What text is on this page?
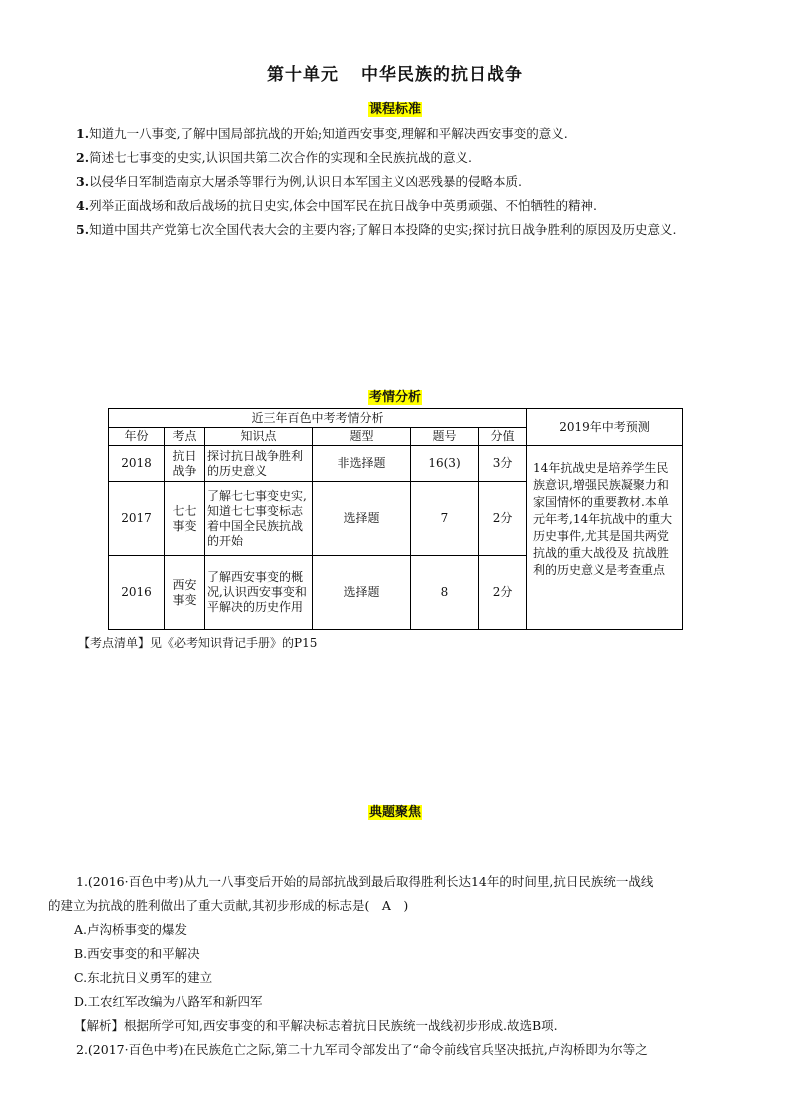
第十单元 中华民族的抗日战争
课程标准
1.知道九一八事变,了解中国局部抗战的开始;知道西安事变,理解和平解决西安事变的意义.
2.简述七七事变的史实,认识国共第二次合作的实现和全民族抗战的意义.
3.以侵华日军制造南京大屠杀等罪行为例,认识日本军国主义凶恶残暴的侵略本质.
4.列举正面战场和敌后战场的抗日史实,体会中国军民在抗日战争中英勇顽强、不怕牺牲的精神.
5.知道中国共产党第七次全国代表大会的主要内容;了解日本投降的史实;探讨抗日战争胜利的原因及历史意义.
考情分析
近三年百色中考考情分析						2019年中考预测
年份	考点	知识点	题型	题号	分值	
2018	抗日战争	探讨抗日战争胜利的历史意义	非选择题	16(3)	3分	14年抗战史是培养学生民族意识,增强民族凝聚力和家国情怀的重要教材.本单元年考,14年抗战中的重大历史事件,尤其是国共两党抗战的重大战役及 抗战胜利的历史意义是考查重点
2017	七七事变	了解七七事变史实,知道七七事变标志着中国全民族抗战的开始	选择题	7	2分	
2016	西安事变	了解西安事变的概况,认识西安事变和平解决的历史作用	选择题	8	2分	
【考点清单】见《必考知识背记手册》的P15
典题聚焦

1.(2016·百色中考)从九一八事变后开始的局部抗战到最后取得胜利长达14年的时间里,抗日民族统一战线

的建立为抗战的胜利做出了重大贡献,其初步形成的标志是(　A　)

A.卢沟桥事变的爆发

B.西安事变的和平解决

C.东北抗日义勇军的建立

D.工农红军改编为八路军和新四军

【解析】根据所学可知,西安事变的和平解决标志着抗日民族统一战线初步形成.故选B项.

2.(2017·百色中考)在民族危亡之际,第二十九军司令部发出了“命令前线官兵坚决抵抗,卢沟桥即为尔等之
